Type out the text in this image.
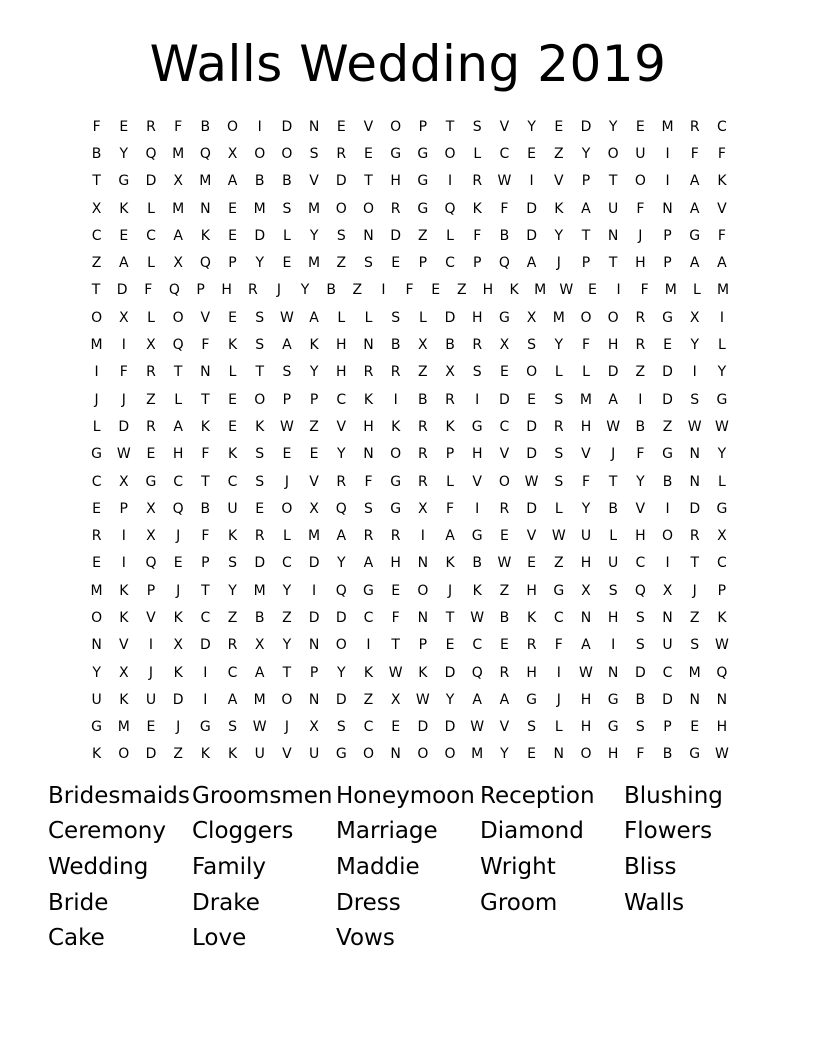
Walls Wedding 2019
F	E	R	F	B	O	I	D	N	E	V	O	P	T	S	V	Y	E	D	Y	E	M	R	C
B	Y	Q	M	Q	X	O	O	S	R	E	G	G	O	L	C	E	Z	Y	O	U	I	F	F
T	G	D	X	M	A	B	B	V	D	T	H	G	I	R	W	I	V	P	T	O	I	A	K
X	K	L	M	N	E	M	S	M	O	O	R	G	Q	K	F	D	K	A	U	F	N	A	V
C	E	C	A	K	E	D	L	Y	S	N	D	Z	L	F	B	D	Y	T	N	J	P	G	F
Z	A	L	X	Q	P	Y	E	M	Z	S	E	P	C	P	Q	A	J	P	T	H	P	A	A
T	D	F	Q	P	H	R	J	Y	B	Z	I	F	E	Z	H	K	M W	E	I	F	M	L	M
O	X	L	O	V	E	S	W	A	L	L	S	L	D	H	G	X	M	O	O	R	G	X	I
M	I	X	Q	F	K	S	A	K	H	N	B	X	B	R	X	S	Y	F	H	R	E	Y	L
I	F	R	T	N	L	T	S	Y	H	R	R	Z	X	S	E	O	L	L	D	Z	D	I	Y
J	J	Z	L	T	E	O	P	P	C	K	I	B	R	I	D	E	S	M	A	I	D	S	G
L	D	R	A	K	E	K	W	Z	V	H	K	R	K	G	C	D	R	H	W	B	Z	W W
G	W	E	H	F	K	S	E	E	Y	N	O	R	P	H	V	D	S	V	J	F	G	N	Y
C	X	G	C	T	C	S	J	V	R	F	G	R	L	V	O	W	S	F	T	Y	B	N	L
E	P	X	Q	B	U	E	O	X	Q	S	G	X	F	I	R	D	L	Y	B	V	I	D	G
R	I	X	J	F	K	R	L	M	A	R	R	I	A	G	E	V	W	U	L	H	O	R	X
E	I	Q	E	P	S	D	C	D	Y	A	H	N	K	B	W	E	Z	H	U	C	I	T	C
M	K	P	J	T	Y	M	Y	I	Q	G	E	O	J	K	Z	H	G	X	S	Q	X	J	P
O	K	V	K	C	Z	B	Z	D	D	C	F	N	T	W	B	K	C	N	H	S	N	Z	K
N	V	I	X	D	R	X	Y	N	O	I	T	P	E	C	E	R	F	A	I	S	U	S	W
Y	X	J	K	I	C	A	T	P	Y	K	W	K	D	Q	R	H	I	W	N	D	C	M	Q
U	K	U	D	I	A	M	O	N	D	Z	X	W	Y	A	A	G	J	H	G	B	D	N	N
G	M	E	J	G	S	W	J	X	S	C	E	D	D	W	V	S	L	H	G	S	P	E	H
K	O	D	Z	K	K	U	V	U	G	O	N	O	O	M	Y	E	N	O	H	F	B	G	W
Bridesmaids Groomsmen Honeymoon Reception	Blushing
Ceremony	Cloggers	Marriage	Diamond	Flowers
Wedding	Family	Maddie	Wright	Bliss
Bride	Drake	Dress	Groom	Walls
Cake	Love	Vows
